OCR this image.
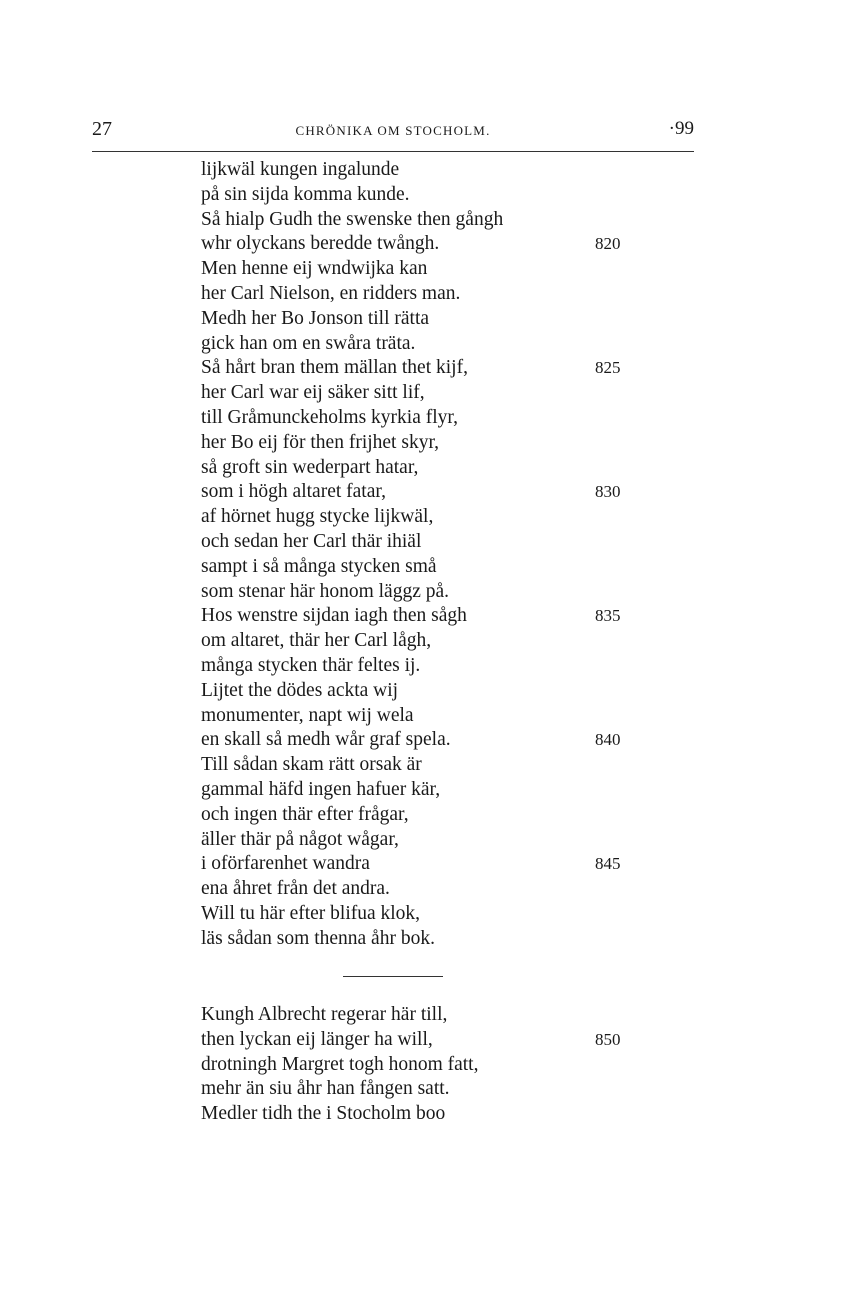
27	CHRÖNIKA OM STOCHOLM.	·99
lijkwäl kungen ingalunde
på sin sijda komma kunde.
Så hialp Gudh the swenske then gångh
whr olyckans beredde twångh.	820
Men henne eij wndwijka kan
her Carl Nielson, en ridders man.
Medh her Bo Jonson till rätta
gick han om en swåra träta.
Så hårt bran them mällan thet kijf,	825
her Carl war eij säker sitt lif,
till Gråmunckeholms kyrkia flyr,
her Bo eij för then frijhet skyr,
så groft sin wederpart hatar,
som i högh altaret fatar,	830
af hörnet hugg stycke lijkwäl,
och sedan her Carl thär ihiäl
sampt i så många stycken små
som stenar här honom läggz på.
Hos wenstre sijdan iagh then sågh	835
om altaret, thär her Carl lågh,
många stycken thär feltes ij.
Lijtet the dödes ackta wij
monumenter, napt wij wela
en skall så medh wår graf spela.	840
Till sådan skam rätt orsak är
gammal häfd ingen hafuer kär,
och ingen thär efter frågar,
äller thär på något wågar,
i oförfarenhet wandra	845
ena åhret från det andra.
Will tu här efter blifua klok,
läs sådan som thenna åhr bok.
Kungh Albrecht regerar här till,
then lyckan eij länger ha will,	850
drotningh Margret togh honom fatt,
mehr än siu åhr han fången satt.
Medler tidh the i Stocholm boo
